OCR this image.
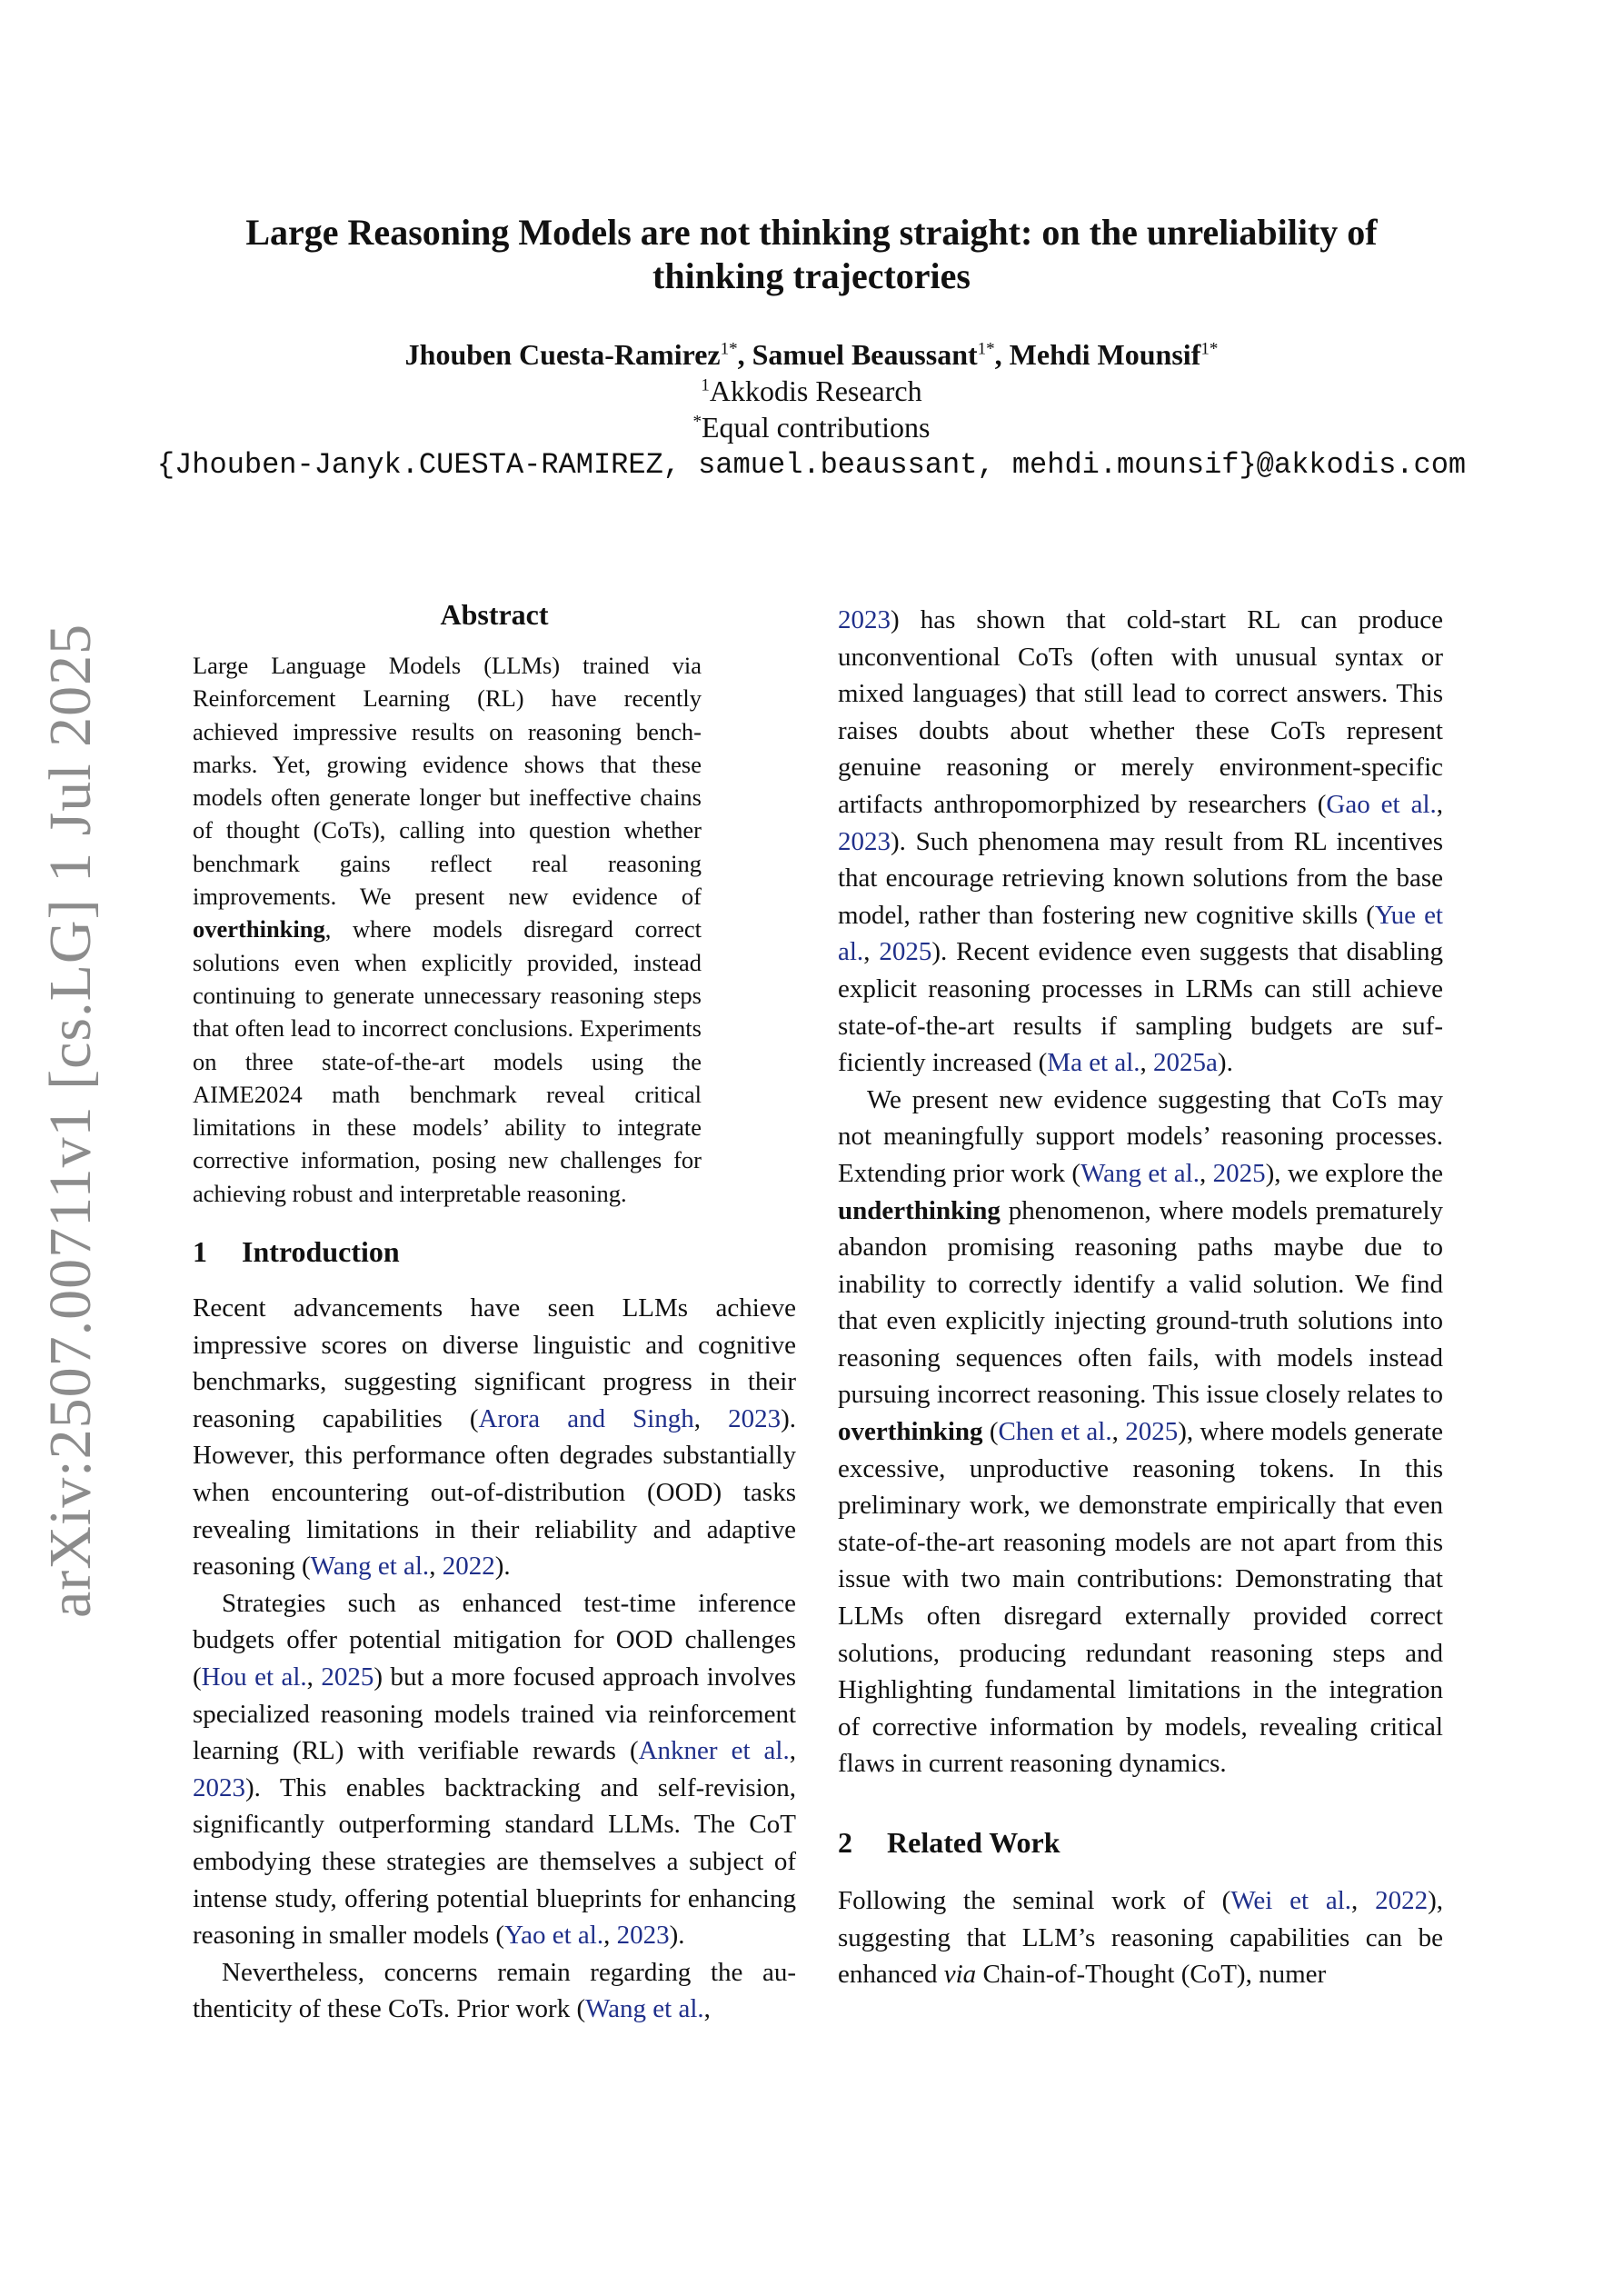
arXiv:2507.00711v1 [cs.LG] 1 Jul 2025
Large Reasoning Models are not thinking straight: on the unreliability of
thinking trajectories
Jhouben Cuesta-Ramirez$^{1*}$, Samuel Beaussant$^{1*}$, Mehdi Mounsif$^{1*}$
$^1$Akkodis Research
*Equal contributions
{Jhouben-Janyk.CUESTA-RAMIREZ, samuel.beaussant, mehdi.mounsif}@akkodis.com
Abstract

Large Language Models (LLMs) trained via Reinforcement Learning (RL) have recently achieved impressive results on reasoning benchmarks. Yet, growing evidence shows that these models often generate longer but ineffective chains of thought (CoTs), calling into question whether benchmark gains reflect real reasoning improvements. We present new evidence of overthinking, where models disregard correct solutions even when explicitly provided, instead continuing to generate unnecessary reasoning steps that often lead to incorrect conclusions. Experiments on three state-of-the-art models using the AIME2024 math benchmark reveal critical limitations in these models’ ability to integrate corrective information, posing new challenges for achieving robust and interpretable reasoning.

1 Introduction

Recent advancements have seen LLMs achieve impressive scores on diverse linguistic and cognitive benchmarks, suggesting significant progress in their reasoning capabilities (Arora and Singh, 2023). However, this performance often degrades substantially when encountering out-of-distribution (OOD) tasks revealing limitations in their reliability and adaptive reasoning (Wang et al., 2022).

Strategies such as enhanced test-time inference budgets offer potential mitigation for OOD challenges (Hou et al., 2025) but a more focused approach involves specialized reasoning models trained via reinforcement learning (RL) with verifiable rewards (Ankner et al., 2023). This enables backtracking and self-revision, significantly outperforming standard LLMs. The CoT embodying these strategies are themselves a subject of intense study, offering potential blueprints for enhancing reasoning in smaller models (Yao et al., 2023).

Nevertheless, concerns remain regarding the authenticity of these CoTs. Prior work (Wang et al.,

2023) has shown that cold-start RL can produce unconventional CoTs (often with unusual syntax or mixed languages) that still lead to correct answers. This raises doubts about whether these CoTs represent genuine reasoning or merely environment-specific artifacts anthropomorphized by researchers (Gao et al., 2023). Such phenomena may result from RL incentives that encourage retrieving known solutions from the base model, rather than fostering new cognitive skills (Yue et al., 2025). Recent evidence even suggests that disabling explicit reasoning processes in LRMs can still achieve state-of-the-art results if sampling budgets are sufficiently increased (Ma et al., 2025a).

We present new evidence suggesting that CoTs may not meaningfully support models’ reasoning processes. Extending prior work (Wang et al., 2025), we explore the underthinking phenomenon, where models prematurely abandon promising reasoning paths maybe due to inability to correctly identify a valid solution. We find that even explicitly injecting ground-truth solutions into reasoning sequences often fails, with models instead pursuing incorrect reasoning. This issue closely relates to overthinking (Chen et al., 2025), where models generate excessive, unproductive reasoning tokens. In this preliminary work, we demonstrate empirically that even state-of-the-art reasoning models are not apart from this issue with two main contributions: Demonstrating that LLMs often disregard externally provided correct solutions, producing redundant reasoning steps and Highlighting fundamental limitations in the integration of corrective information by models, revealing critical flaws in current reasoning dynamics.

2 Related Work

Following the seminal work of (Wei et al., 2022), suggesting that LLM’s reasoning capabilities can be enhanced via Chain-of-Thought (CoT), numer
